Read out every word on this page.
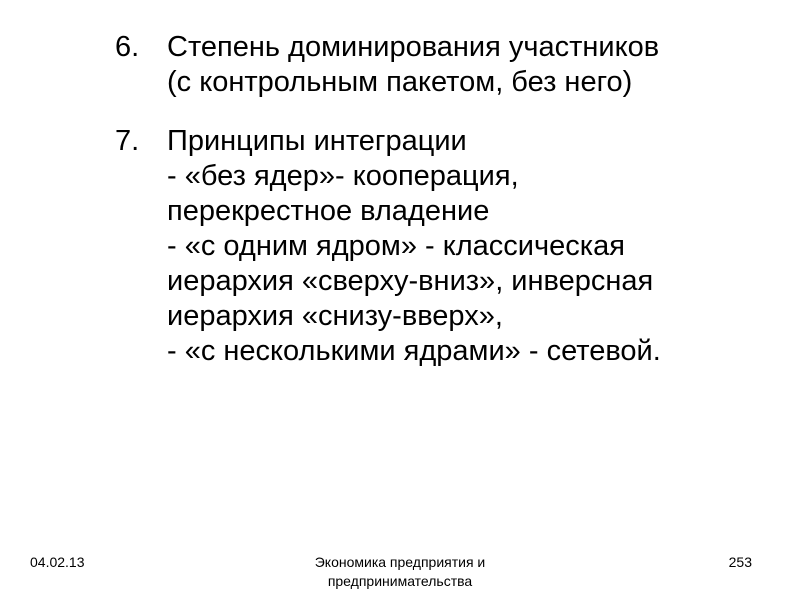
6. Степень доминирования участников
(с контрольным пакетом, без него)
7. Принципы интеграции
- «без ядер»- кооперация,
перекрестное владение
- «с одним ядром» - классическая
иерархия «сверху-вниз», инверсная
иерархия «снизу-вверх»,
- «с несколькими ядрами» - сетевой.
04.02.13	Экономика предприятия и
предпринимательства
253
